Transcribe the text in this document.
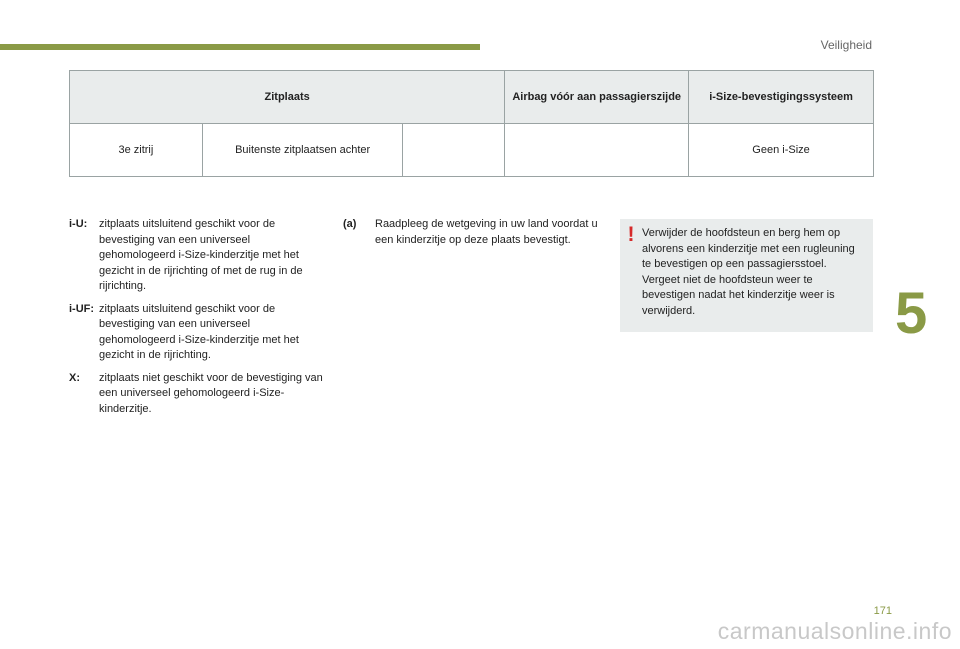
Veiligheid
Zitplaats			Airbag vóór aan passagierszijde	i-Size-bevestigingssysteem
3e zitrij	Buitenste zitplaatsen achter			Geen i-Size
i-U:	zitplaats uitsluitend geschikt voor de bevestiging van een universeel gehomologeerd i-Size-kinderzitje met het gezicht in de rijrichting of met de rug in de rijrichting.
i-UF: zitplaats uitsluitend geschikt voor de bevestiging van een universeel gehomologeerd i-Size-kinderzitje met het gezicht in de rijrichting.
X:	zitplaats niet geschikt voor de bevestiging van een universeel gehomologeerd i-Size-kinderzitje.
(a)	Raadpleeg de wetgeving in uw land voordat u een kinderzitje op deze plaats bevestigt.	! Verwijder de hoofdsteun en berg hem op alvorens een kinderzitje met een rugleuning te bevestigen op een passagiersstoel. Vergeet niet de hoofdsteun weer te bevestigen nadat het kinderzitje weer is verwijderd.	5
171
carmanualsonline.info
